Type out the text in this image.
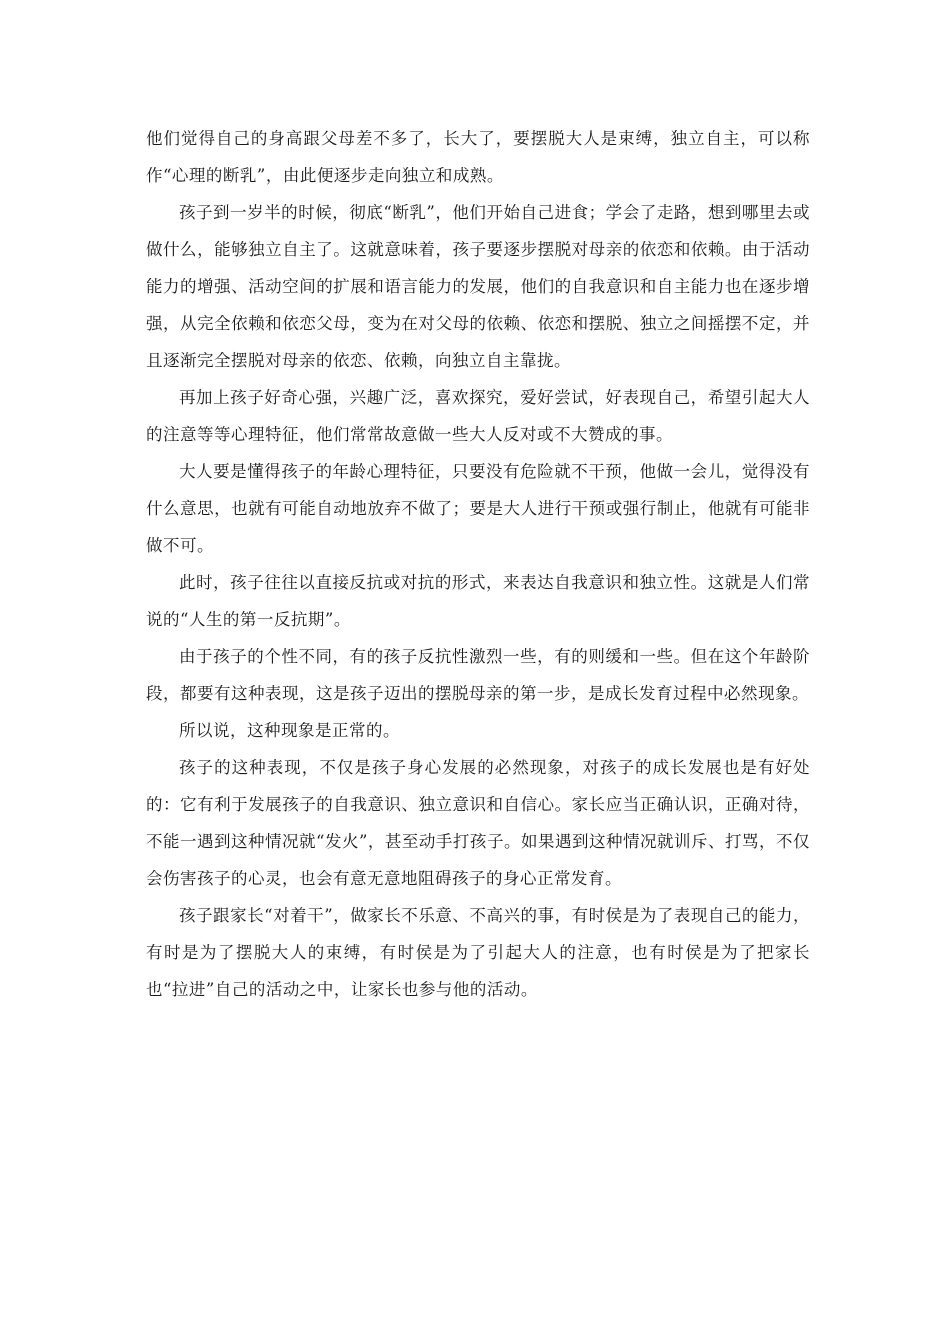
他们觉得自己的身高跟父母差不多了，长大了，要摆脱大人是束缚，独立自主，可以称作“心理的断乳”，由此便逐步走向独立和成熟。

孩子到一岁半的时候，彻底“断乳”，他们开始自己进食；学会了走路，想到哪里去或做什么，能够独立自主了。这就意味着，孩子要逐步摆脱对母亲的依恋和依赖。由于活动能力的增强、活动空间的扩展和语言能力的发展，他们的自我意识和自主能力也在逐步增强，从完全依赖和依恋父母，变为在对父母的依赖、依恋和摆脱、独立之间摇摆不定，并且逐渐完全摆脱对母亲的依恋、依赖，向独立自主靠拢。

再加上孩子好奇心强，兴趣广泛，喜欢探究，爱好尝试，好表现自己，希望引起大人的注意等等心理特征，他们常常故意做一些大人反对或不大赞成的事。

大人要是懂得孩子的年龄心理特征，只要没有危险就不干预，他做一会儿，觉得没有什么意思，也就有可能自动地放弃不做了；要是大人进行干预或强行制止，他就有可能非做不可。

此时，孩子往往以直接反抗或对抗的形式，来表达自我意识和独立性。这就是人们常说的“人生的第一反抗期”。

由于孩子的个性不同，有的孩子反抗性激烈一些，有的则缓和一些。但在这个年龄阶段，都要有这种表现，这是孩子迈出的摆脱母亲的第一步，是成长发育过程中必然现象。

所以说，这种现象是正常的。

孩子的这种表现，不仅是孩子身心发展的必然现象，对孩子的成长发展也是有好处的：它有利于发展孩子的自我意识、独立意识和自信心。家长应当正确认识，正确对待，不能一遇到这种情况就“发火”，甚至动手打孩子。如果遇到这种情况就训斥、打骂，不仅会伤害孩子的心灵，也会有意无意地阻碍孩子的身心正常发育。

孩子跟家长“对着干”，做家长不乐意、不高兴的事，有时侯是为了表现自己的能力，有时是为了摆脱大人的束缚，有时侯是为了引起大人的注意，也有时侯是为了把家长也“拉进”自己的活动之中，让家长也参与他的活动。
